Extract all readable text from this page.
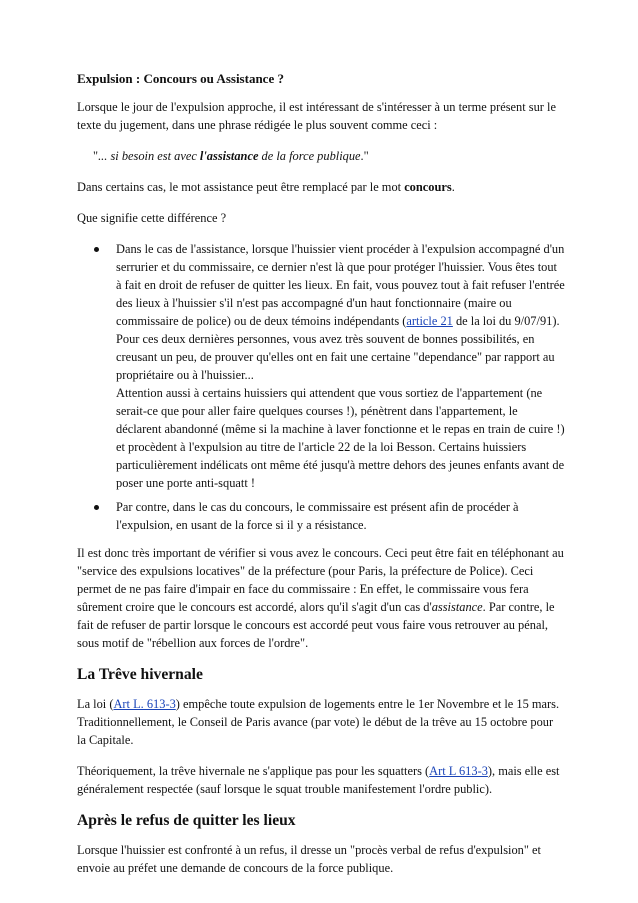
Expulsion : Concours ou Assistance ?

Lorsque le jour de l'expulsion approche, il est intéressant de s'intéresser à un terme présent sur le texte du jugement, dans une phrase rédigée le plus souvent comme ceci :

"... si besoin est avec l'assistance de la force publique."

Dans certains cas, le mot assistance peut être remplacé par le mot concours.

Que signifie cette différence ?

Dans le cas de l'assistance, lorsque l'huissier vient procéder à l'expulsion accompagné d'un serrurier et du commissaire, ce dernier n'est là que pour protéger l'huissier. Vous êtes tout à fait en droit de refuser de quitter les lieux. En fait, vous pouvez tout à fait refuser l'entrée des lieux à l'huissier s'il n'est pas accompagné d'un haut fonctionnaire (maire ou commissaire de police) ou de deux témoins indépendants (article 21 de la loi du 9/07/91). Pour ces deux dernières personnes, vous avez très souvent de bonnes possibilités, en creusant un peu, de prouver qu'elles ont en fait une certaine "dependance" par rapport au propriétaire ou à l'huissier...
Attention aussi à certains huissiers qui attendent que vous sortiez de l'appartement (ne serait-ce que pour aller faire quelques courses !), pénètrent dans l'appartement, le déclarent abandonné (même si la machine à laver fonctionne et le repas en train de cuire !) et procèdent à l'expulsion au titre de l'article 22 de la loi Besson. Certains huissiers particulièrement indélicats ont même été jusqu'à mettre dehors des jeunes enfants avant de poser une porte anti-squatt !
Par contre, dans le cas du concours, le commissaire est présent afin de procéder à l'expulsion, en usant de la force si il y a résistance.

Il est donc très important de vérifier si vous avez le concours. Ceci peut être fait en téléphonant au "service des expulsions locatives" de la préfecture (pour Paris, la préfecture de Police). Ceci permet de ne pas faire d'impair en face du commissaire : En effet, le commissaire vous fera sûrement croire que le concours est accordé, alors qu'il s'agit d'un cas d'assistance. Par contre, le fait de refuser de partir lorsque le concours est accordé peut vous faire vous retrouver au pénal, sous motif de "rébellion aux forces de l'ordre".

La Trêve hivernale

La loi (Art L. 613-3) empêche toute expulsion de logements entre le 1er Novembre et le 15 mars. Traditionnellement, le Conseil de Paris avance (par vote) le début de la trêve au 15 octobre pour la Capitale.

Théoriquement, la trêve hivernale ne s'applique pas pour les squatters (Art L 613-3), mais elle est généralement respectée (sauf lorsque le squat trouble manifestement l'ordre public).

Après le refus de quitter les lieux

Lorsque l'huissier est confronté à un refus, il dresse un "procès verbal de refus d'expulsion" et envoie au préfet une demande de concours de la force publique.
